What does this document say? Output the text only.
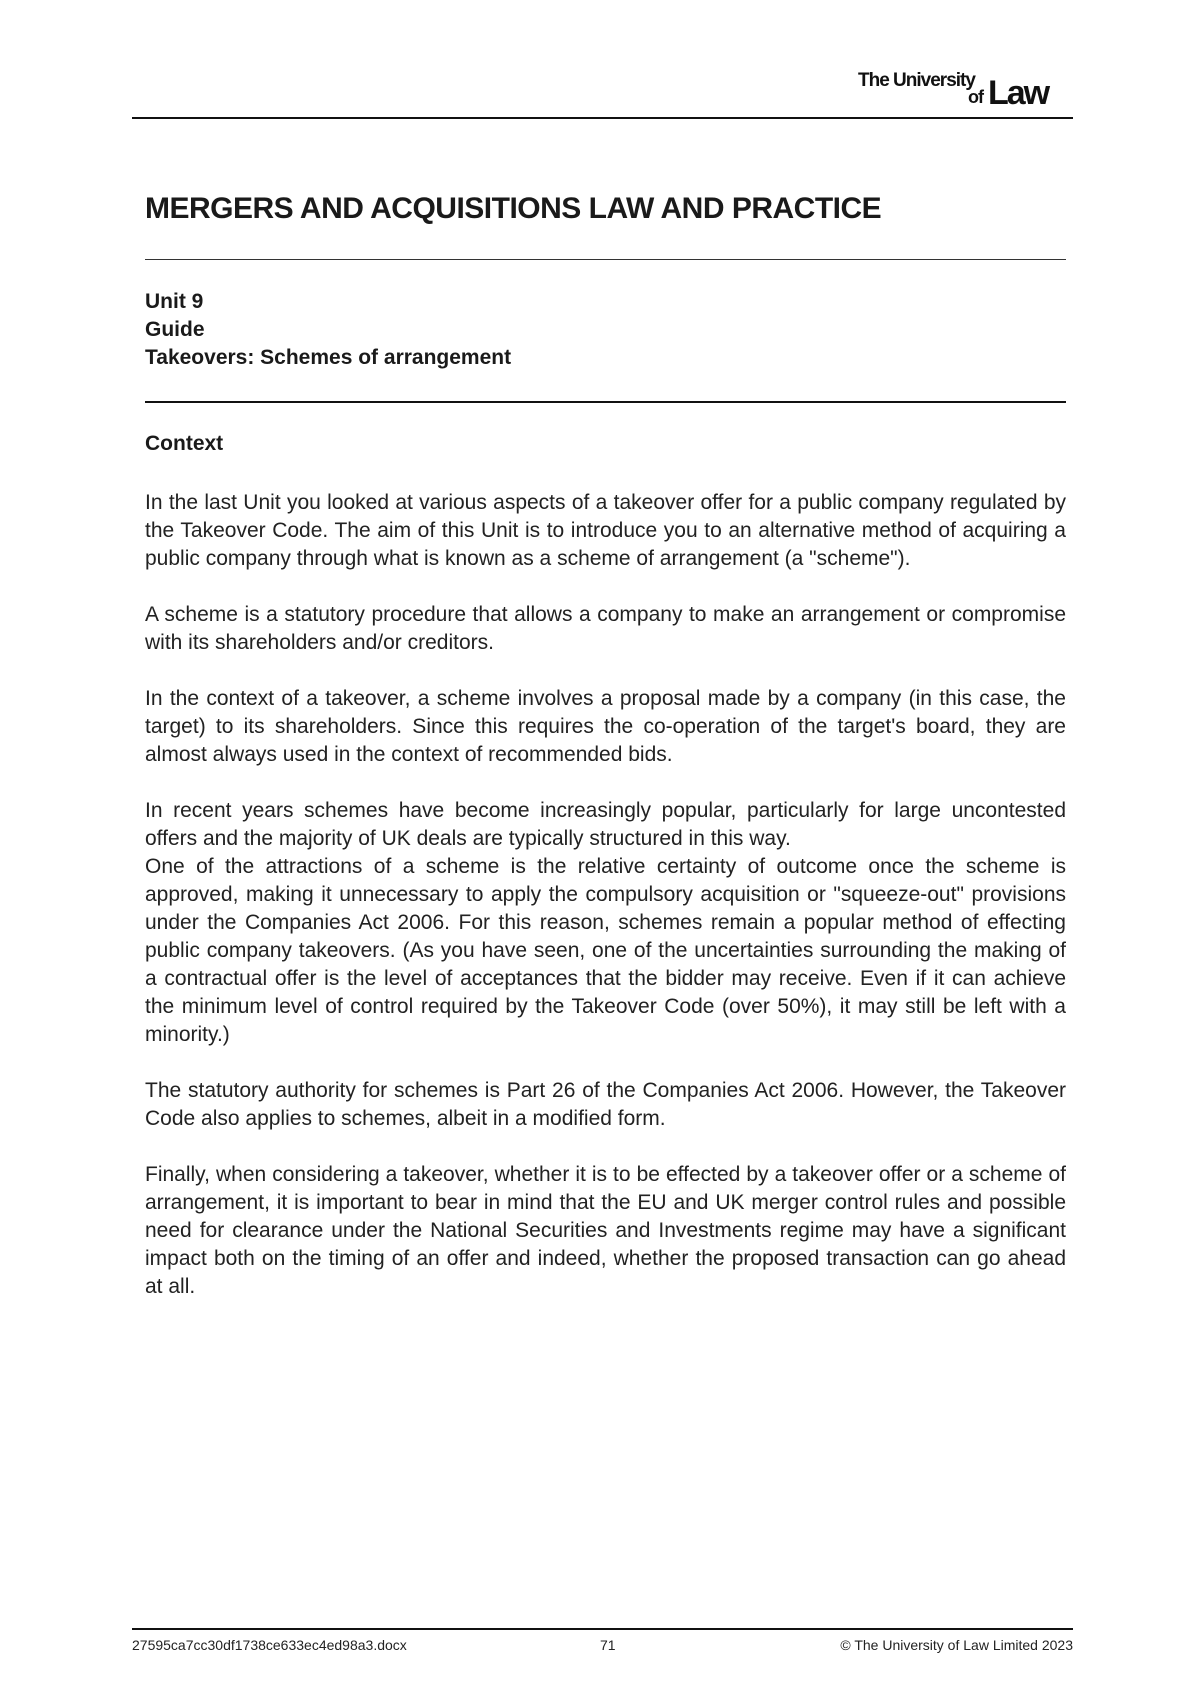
The University
of Law
MERGERS AND ACQUISITIONS LAW AND PRACTICE
Unit 9
Guide
Takeovers: Schemes of arrangement
Context

In the last Unit you looked at various aspects of a takeover offer for a public company regulated by the Takeover Code. The aim of this Unit is to introduce you to an alternative method of acquiring a public company through what is known as a scheme of arrangement (a "scheme").

A scheme is a statutory procedure that allows a company to make an arrangement or compromise with its shareholders and/or creditors.

In the context of a takeover, a scheme involves a proposal made by a company (in this case, the target) to its shareholders. Since this requires the co-operation of the target's board, they are almost always used in the context of recommended bids.

In recent years schemes have become increasingly popular, particularly for large uncontested offers and the majority of UK deals are typically structured in this way.

One of the attractions of a scheme is the relative certainty of outcome once the scheme is approved, making it unnecessary to apply the compulsory acquisition or "squeeze-out" provisions under the Companies Act 2006. For this reason, schemes remain a popular method of effecting public company takeovers. (As you have seen, one of the uncertainties surrounding the making of a contractual offer is the level of acceptances that the bidder may receive. Even if it can achieve the minimum level of control required by the Takeover Code (over 50%), it may still be left with a minority.)

The statutory authority for schemes is Part 26 of the Companies Act 2006. However, the Takeover Code also applies to schemes, albeit in a modified form.

Finally, when considering a takeover, whether it is to be effected by a takeover offer or a scheme of arrangement, it is important to bear in mind that the EU and UK merger control rules and possible need for clearance under the National Securities and Investments regime may have a significant impact both on the timing of an offer and indeed, whether the proposed transaction can go ahead at all.

27595ca7cc30df1738ce633ec4ed98a3.docx	71	© The University of Law Limited 2023
